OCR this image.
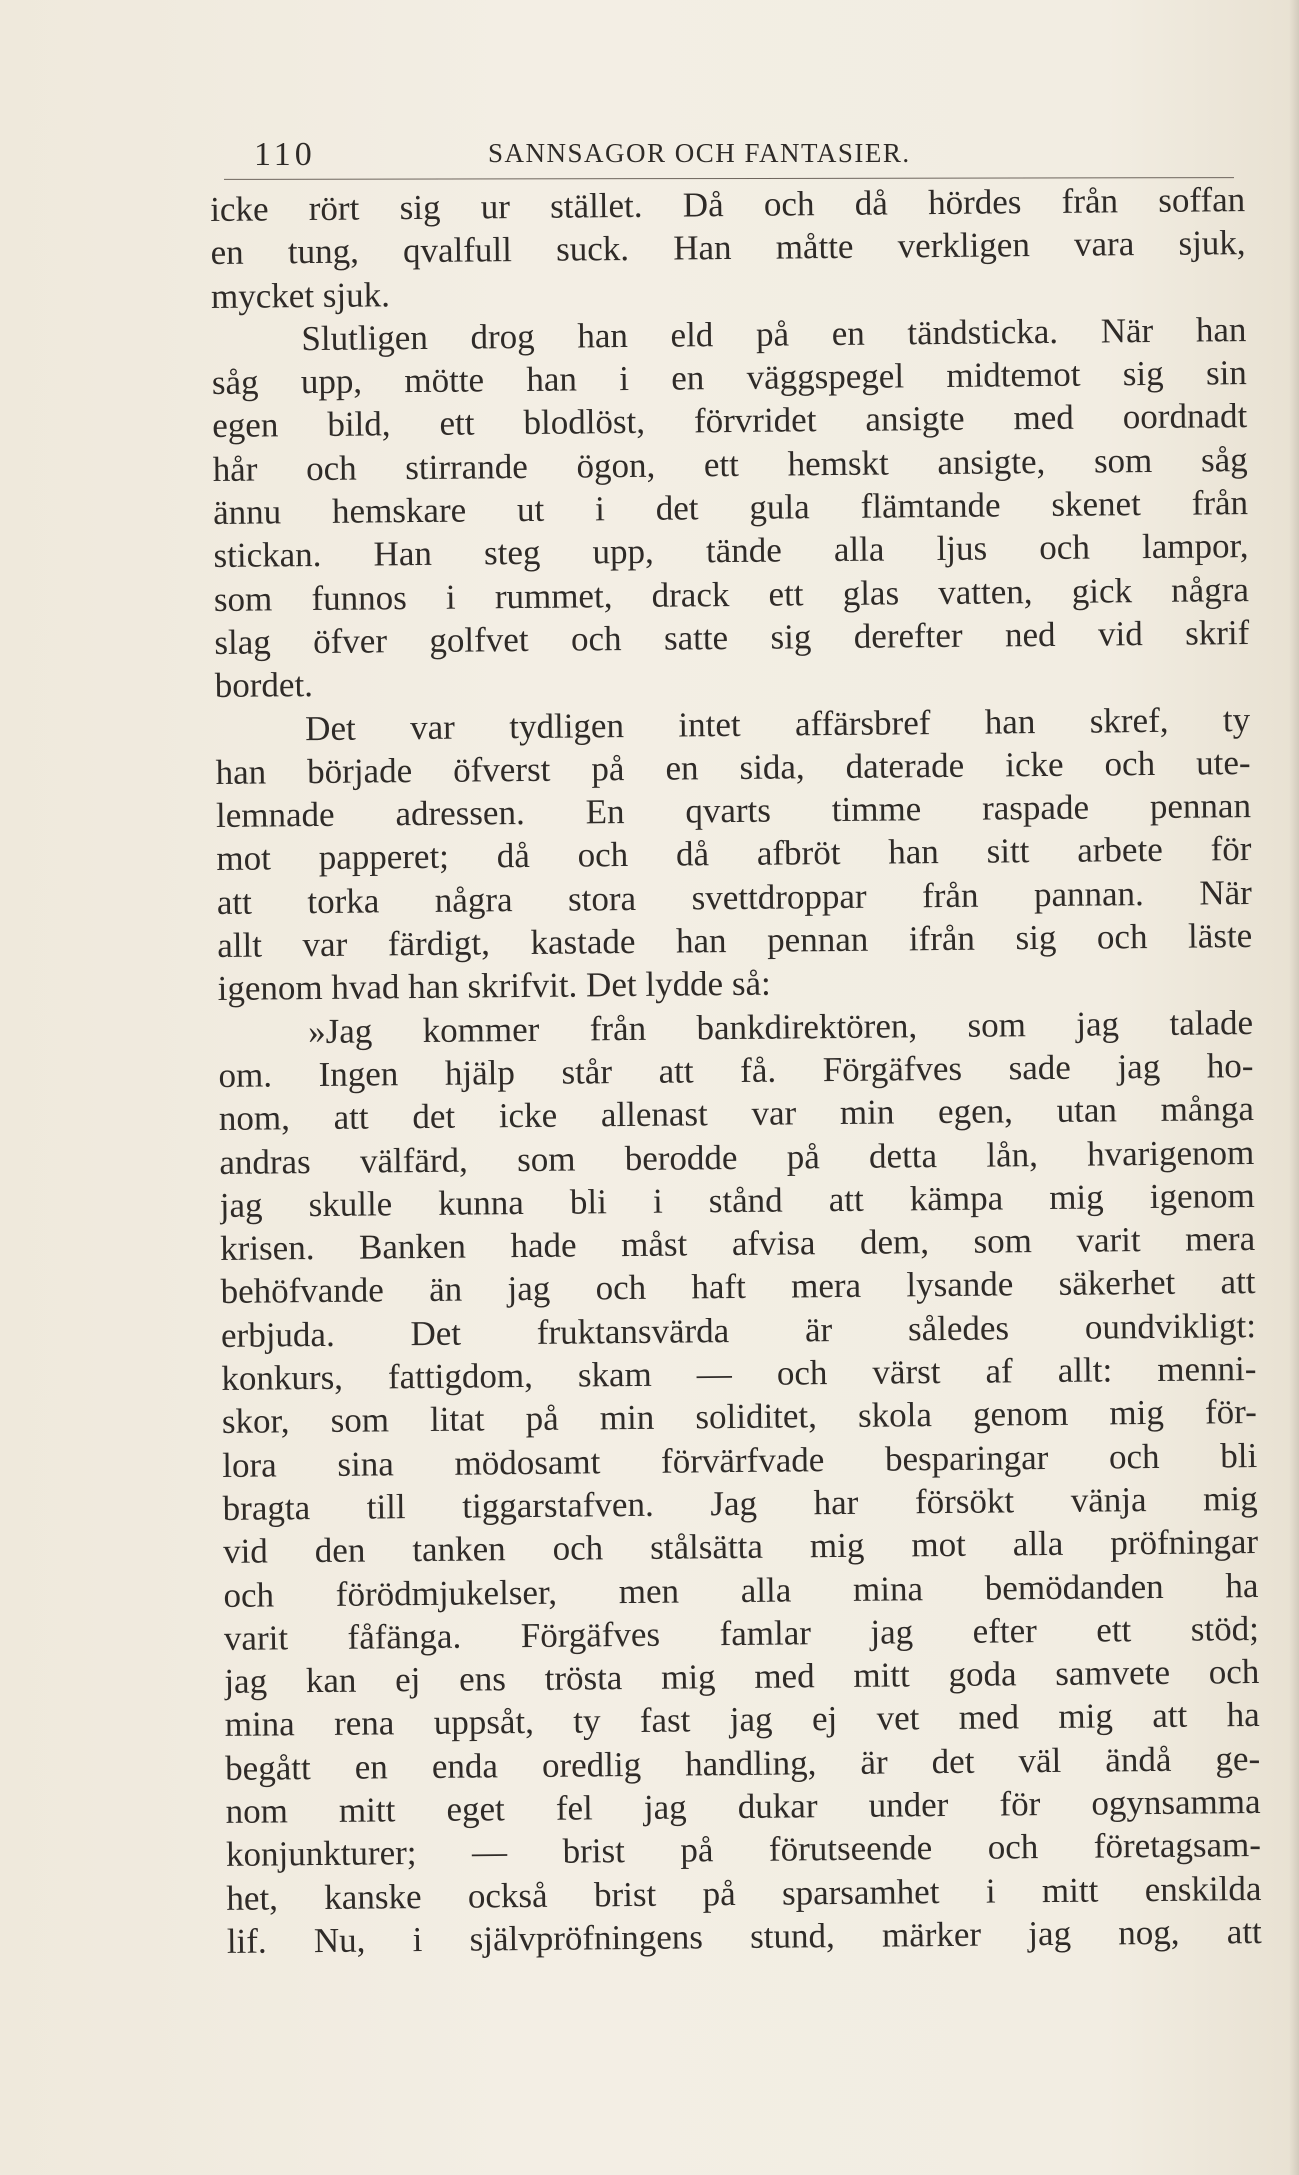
110	SANNSAGOR OCH FANTASIER.
icke rört sig ur stället. Då och då hördes från soffan
en tung, qvalfull suck. Han måtte verkligen vara sjuk,
mycket sjuk.
Slutligen drog han eld på en tändsticka. När han
såg upp, mötte han i en väggspegel midtemot sig sin
egen bild, ett blodlöst, förvridet ansigte med oordnadt
hår och stirrande ögon, ett hemskt ansigte, som såg
ännu hemskare ut i det gula flämtande skenet från
stickan. Han steg upp, tände alla ljus och lampor,
som funnos i rummet, drack ett glas vatten, gick några
slag öfver golfvet och satte sig derefter ned vid skrif
bordet.
Det var tydligen intet affärsbref han skref, ty
han började öfverst på en sida, daterade icke och ute-
lemnade adressen. En qvarts timme raspade pennan
mot papperet; då och då afbröt han sitt arbete för
att torka några stora svettdroppar från pannan. När
allt var färdigt, kastade han pennan ifrån sig och läste
igenom hvad han skrifvit. Det lydde så:
»Jag kommer från bankdirektören, som jag talade
om. Ingen hjälp står att få. Förgäfves sade jag ho-
nom, att det icke allenast var min egen, utan många
andras välfärd, som berodde på detta lån, hvarigenom
jag skulle kunna bli i stånd att kämpa mig igenom
krisen. Banken hade måst afvisa dem, som varit mera
behöfvande än jag och haft mera lysande säkerhet att
erbjuda. Det fruktansvärda är således oundvikligt:
konkurs, fattigdom, skam — och värst af allt: menni-
skor, som litat på min soliditet, skola genom mig för-
lora sina mödosamt förvärfvade besparingar och bli
bragta till tiggarstafven. Jag har försökt vänja mig
vid den tanken och stålsätta mig mot alla pröfningar
och förödmjukelser, men alla mina bemödanden ha
varit fåfänga. Förgäfves famlar jag efter ett stöd;
jag kan ej ens trösta mig med mitt goda samvete och
mina rena uppsåt, ty fast jag ej vet med mig att ha
begått en enda oredlig handling, är det väl ändå ge-
nom mitt eget fel jag dukar under för ogynsamma
konjunkturer; — brist på förutseende och företagsam-
het, kanske också brist på sparsamhet i mitt enskilda
lif. Nu, i självpröfningens stund, märker jag nog, att
